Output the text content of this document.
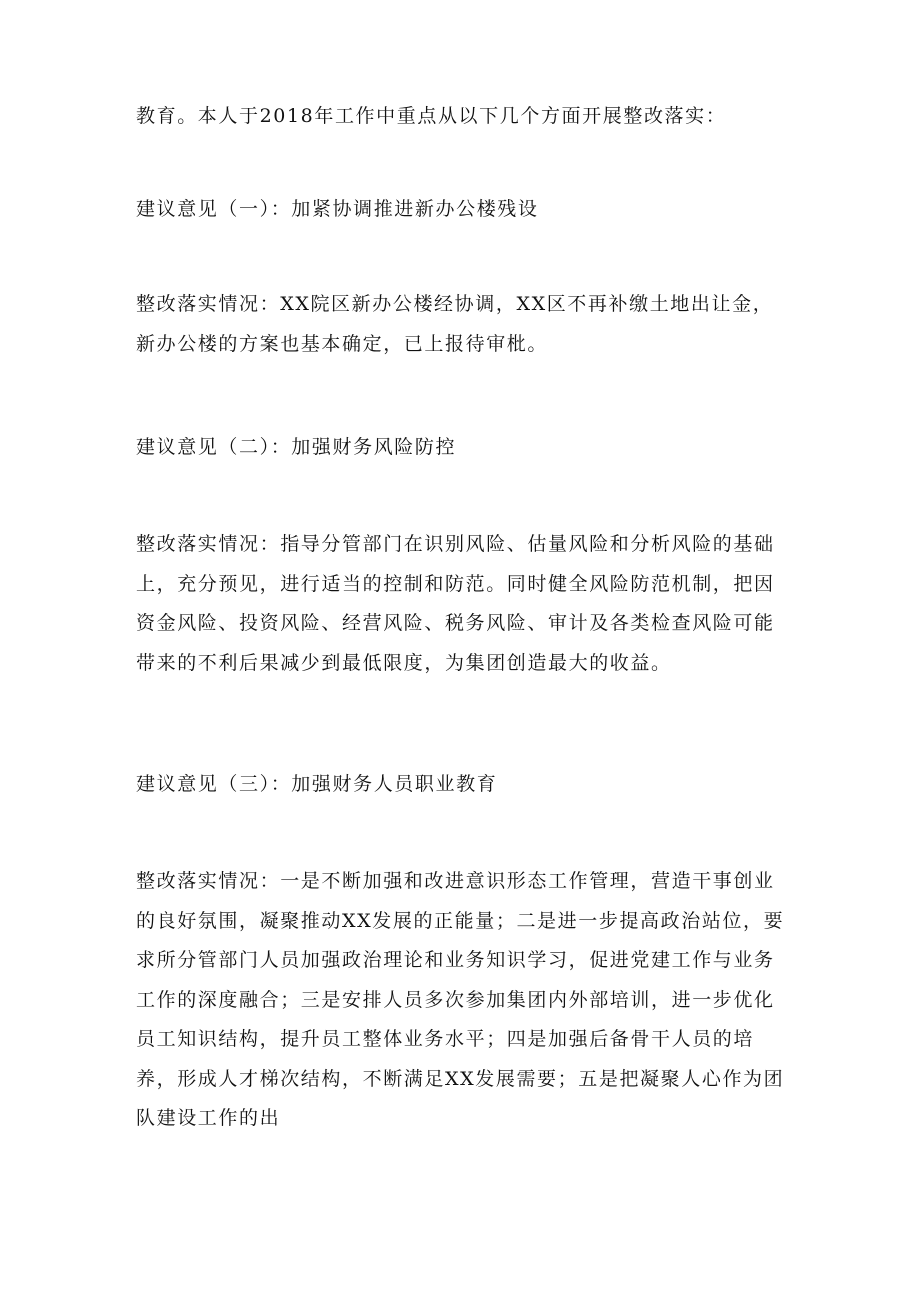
教育。本人于2018年工作中重点从以下几个方面开展整改落实：

建议意见（一）：加紧协调推进新办公楼残设

整改落实情况：XX院区新办公楼经协调，XX区不再补缴土地出让金，新办公楼的方案也基本确定，已上报待审枇。

建议意见（二）：加强财务风险防控

整改落实情况：指导分管部门在识别风险、估量风险和分析风险的基础上，充分预见，进行适当的控制和防范。同时健全风险防范机制，把因资金风险、投资风险、经营风险、税务风险、审计及各类检查风险可能带来的不利后果减少到最低限度，为集团创造最大的收益。

建议意见（三）：加强财务人员职业教育

整改落实情况：一是不断加强和改进意识形态工作管理，营造干事创业的良好氛围，凝聚推动XX发展的正能量；二是进一步提高政治站位，要求所分管部门人员加强政治理论和业务知识学习，促进党建工作与业务工作的深度融合；三是安排人员多次参加集团内外部培训，进一步优化员工知识结构，提升员工整体业务水平；四是加强后备骨干人员的培养，形成人才梯次结构，不断满足XX发展需要；五是把凝聚人心作为团队建设工作的出
